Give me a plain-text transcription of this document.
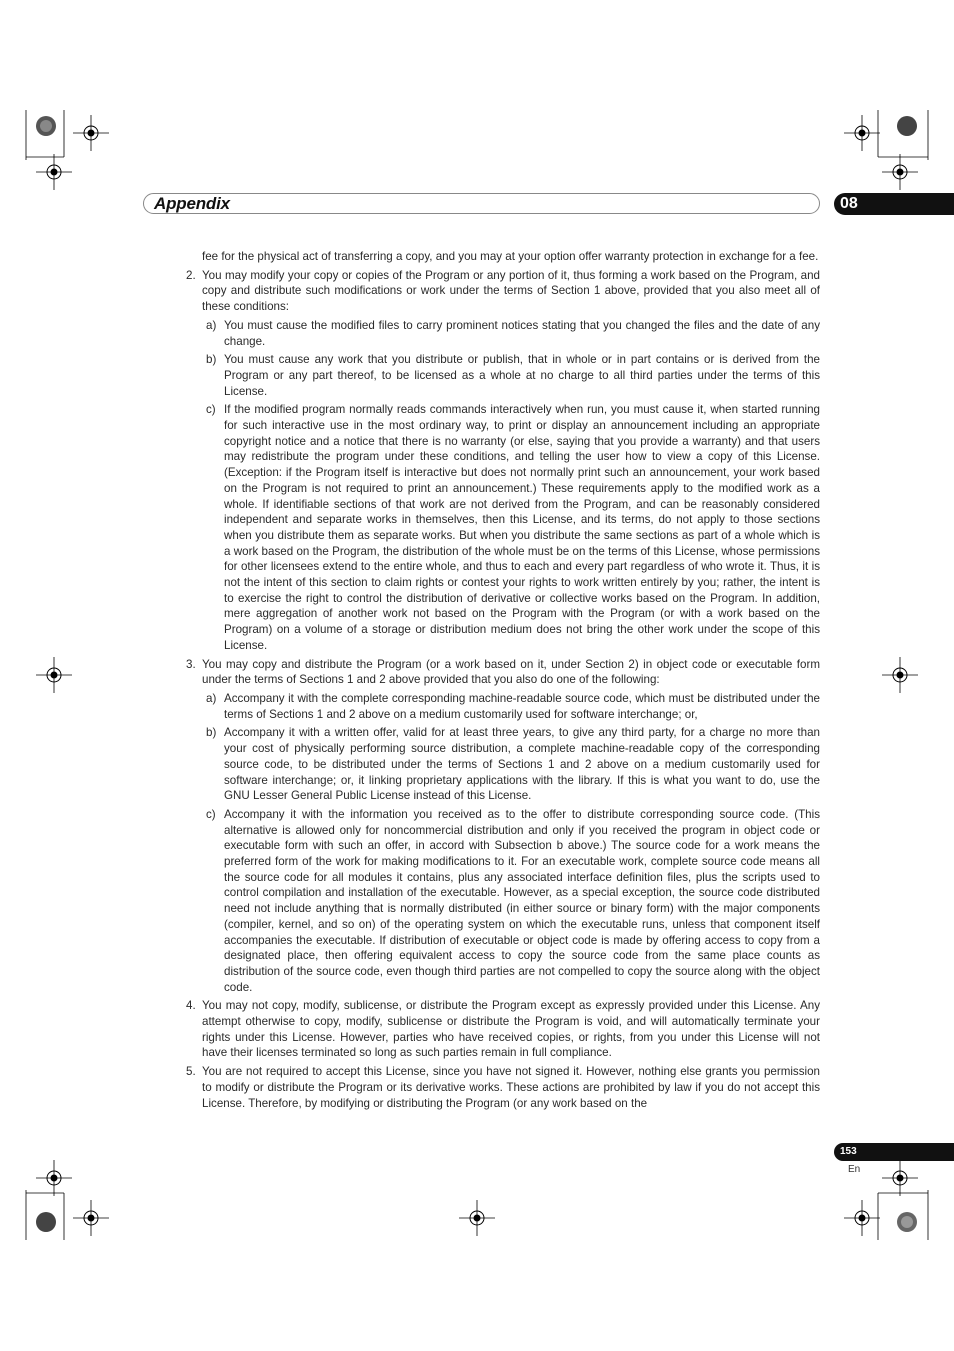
Appendix	08

fee for the physical act of transferring a copy, and you may at your option offer warranty protection in exchange for a fee.

2. You may modify your copy or copies of the Program or any portion of it, thus forming a work based on the Program, and copy and distribute such modifications or work under the terms of Section 1 above, provided that you also meet all of these conditions:

a) You must cause the modified files to carry prominent notices stating that you changed the files and the date of any change.

b) You must cause any work that you distribute or publish, that in whole or in part contains or is derived from the Program or any part thereof, to be licensed as a whole at no charge to all third parties under the terms of this License.

c) If the modified program normally reads commands interactively when run, you must cause it, when started running for such interactive use in the most ordinary way, to print or display an announcement including an appropriate copyright notice and a notice that there is no warranty (or else, saying that you provide a warranty) and that users may redistribute the program under these conditions, and telling the user how to view a copy of this License. (Exception: if the Program itself is interactive but does not normally print such an announcement, your work based on the Program is not required to print an announcement.) These requirements apply to the modified work as a whole. If identifiable sections of that work are not derived from the Program, and can be reasonably considered independent and separate works in themselves, then this License, and its terms, do not apply to those sections when you distribute them as separate works. But when you distribute the same sections as part of a whole which is a work based on the Program, the distribution of the whole must be on the terms of this License, whose permissions for other licensees extend to the entire whole, and thus to each and every part regardless of who wrote it. Thus, it is not the intent of this section to claim rights or contest your rights to work written entirely by you; rather, the intent is to exercise the right to control the distribution of derivative or collective works based on the Program. In addition, mere aggregation of another work not based on the Program with the Program (or with a work based on the Program) on a volume of a storage or distribution medium does not bring the other work under the scope of this License.

3. You may copy and distribute the Program (or a work based on it, under Section 2) in object code or executable form under the terms of Sections 1 and 2 above provided that you also do one of the following:

a) Accompany it with the complete corresponding machine-readable source code, which must be distributed under the terms of Sections 1 and 2 above on a medium customarily used for software interchange; or,

b) Accompany it with a written offer, valid for at least three years, to give any third party, for a charge no more than your cost of physically performing source distribution, a complete machine-readable copy of the corresponding source code, to be distributed under the terms of Sections 1 and 2 above on a medium customarily used for software interchange; or, it linking proprietary applications with the library. If this is what you want to do, use the GNU Lesser General Public License instead of this License.

c) Accompany it with the information you received as to the offer to distribute corresponding source code. (This alternative is allowed only for noncommercial distribution and only if you received the program in object code or executable form with such an offer, in accord with Subsection b above.) The source code for a work means the preferred form of the work for making modifications to it. For an executable work, complete source code means all the source code for all modules it contains, plus any associated interface definition files, plus the scripts used to control compilation and installation of the executable. However, as a special exception, the source code distributed need not include anything that is normally distributed (in either source or binary form) with the major components (compiler, kernel, and so on) of the operating system on which the executable runs, unless that component itself accompanies the executable. If distribution of executable or object code is made by offering access to copy from a designated place, then offering equivalent access to copy the source code from the same place counts as distribution of the source code, even though third parties are not compelled to copy the source along with the object code.

4. You may not copy, modify, sublicense, or distribute the Program except as expressly provided under this License. Any attempt otherwise to copy, modify, sublicense or distribute the Program is void, and will automatically terminate your rights under this License. However, parties who have received copies, or rights, from you under this License will not have their licenses terminated so long as such parties remain in full compliance.

5. You are not required to accept this License, since you have not signed it. However, nothing else grants you permission to modify or distribute the Program or its derivative works. These actions are prohibited by law if you do not accept this License. Therefore, by modifying or distributing the Program (or any work based on the

153
En
